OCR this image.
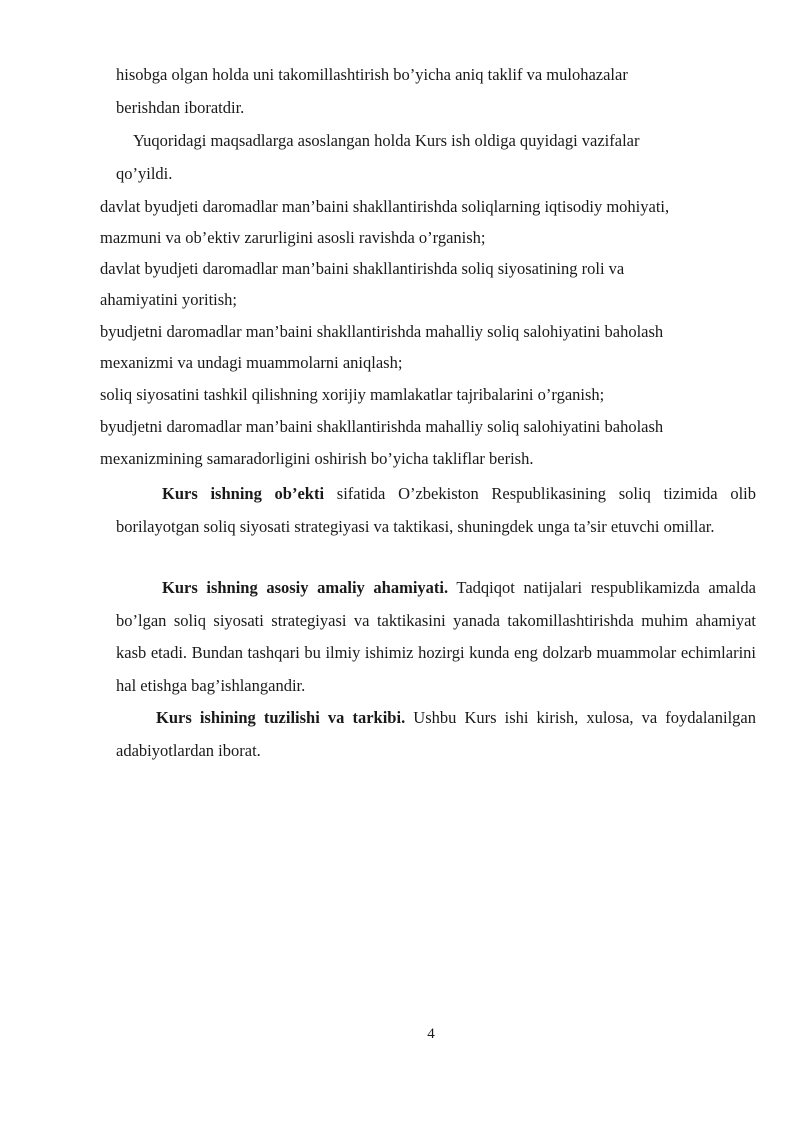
hisobga olgan holda uni takomillashtirish bo’yicha aniq taklif va mulohazalar
berishdan iboratdir.
Yuqoridagi maqsadlarga asoslangan holda Kurs ish oldiga quyidagi vazifalar
qo’yildi.
davlat byudjeti daromadlar man’baini shakllantirishda soliqlarning iqtisodiy mohiyati,
mazmuni va ob’ektiv zarurligini asosli ravishda o’rganish;
davlat byudjeti daromadlar man’baini shakllantirishda soliq siyosatining roli va
ahamiyatini yoritish;
byudjetni daromadlar man’baini shakllantirishda mahalliy soliq salohiyatini baholash
mexanizmi va undagi muammolarni aniqlash;
soliq siyosatini tashkil qilishning xorijiy mamlakatlar tajribalarini o’rganish;
byudjetni daromadlar man’baini shakllantirishda mahalliy soliq salohiyatini baholash
mexanizmining samaradorligini oshirish bo’yicha takliflar berish.
Kurs ishning ob’ekti sifatida O’zbekiston Respublikasining soliq tizimida olib borilayotgan soliq siyosati strategiyasi va taktikasi, shuningdek unga ta’sir etuvchi omillar.
Kurs ishning asosiy amaliy ahamiyati. Tadqiqot natijalari respublikamizda amalda bo’lgan soliq siyosati strategiyasi va taktikasini yanada takomillashtirishda muhim ahamiyat kasb etadi. Bundan tashqari bu ilmiy ishimiz hozirgi kunda eng dolzarb muammolar echimlarini hal etishga bag’ishlangandir.
Kurs ishining tuzilishi va tarkibi. Ushbu Kurs ishi kirish, xulosa, va foydalanilgan adabiyotlardan iborat.
4
